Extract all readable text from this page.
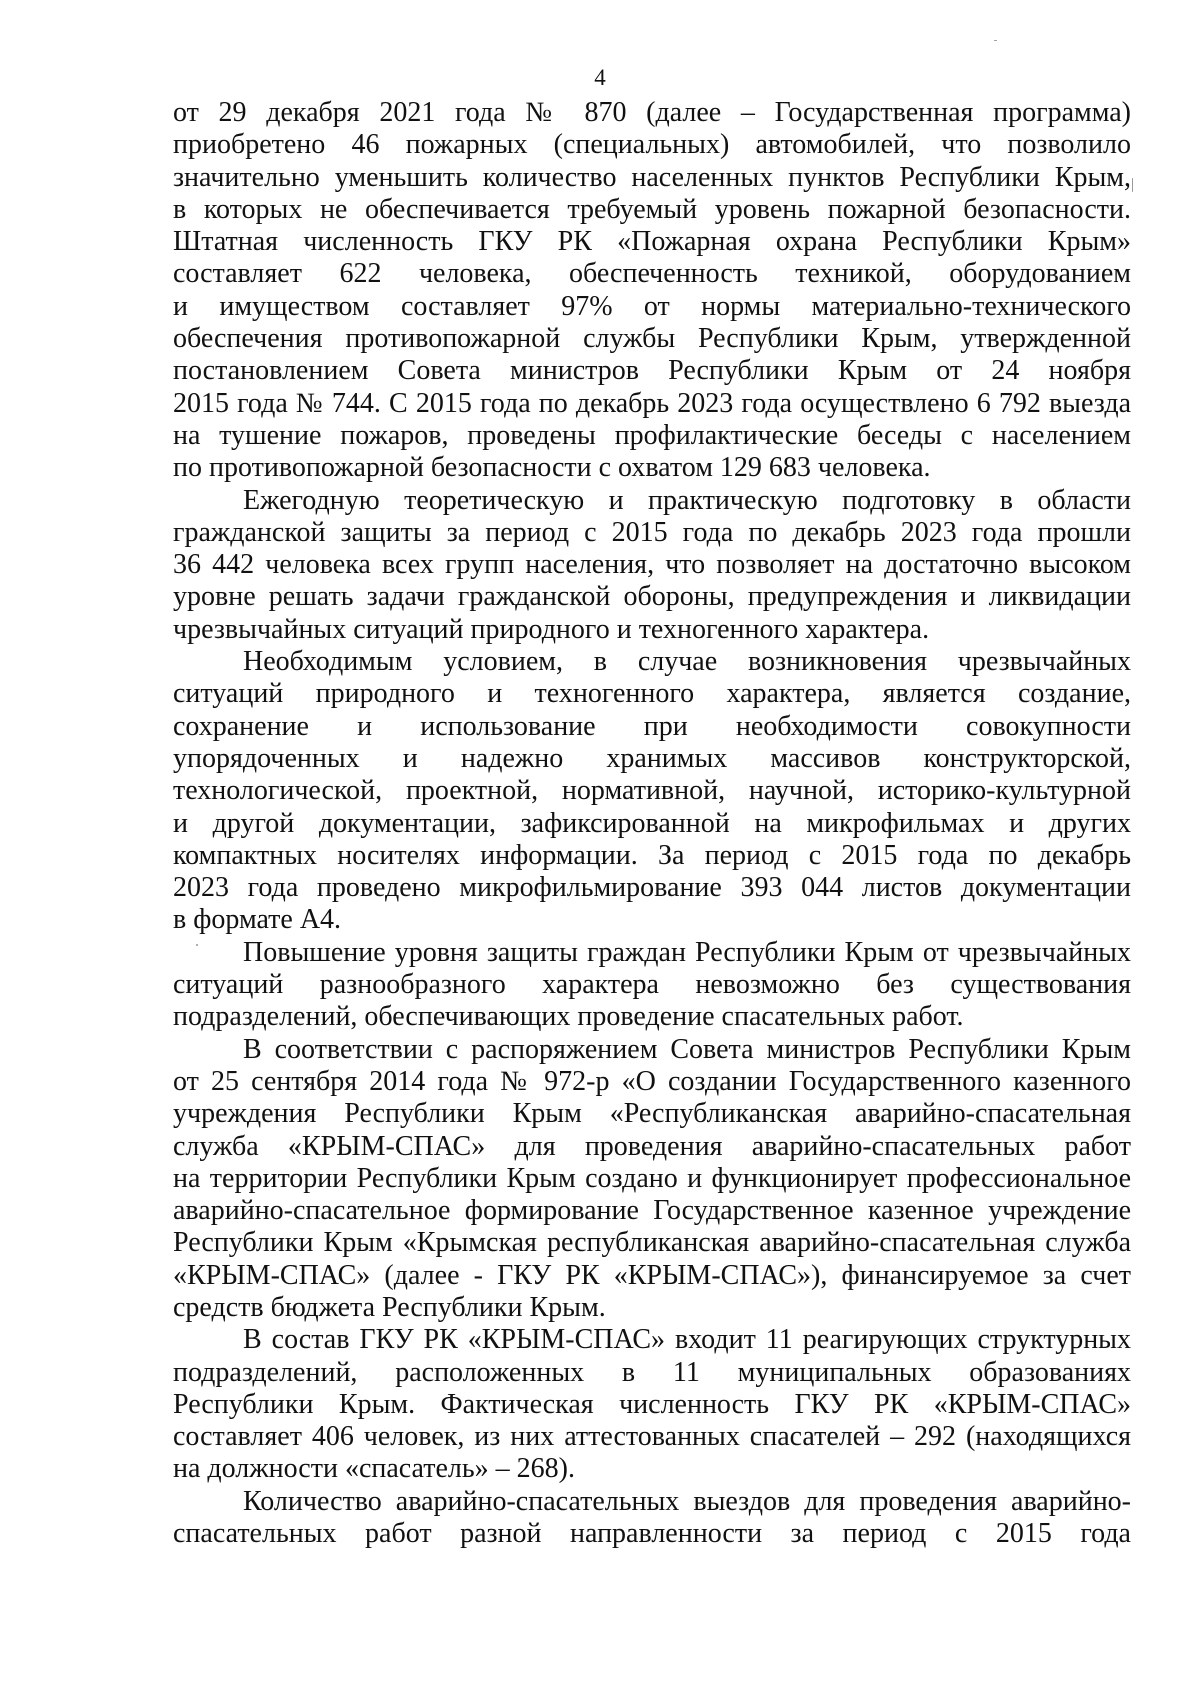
4

от 29 декабря 2021 года № 870 (далее – Государственная программа)
приобретено 46 пожарных (специальных) автомобилей, что позволило
значительно уменьшить количество населенных пунктов Республики Крым,
в которых не обеспечивается требуемый уровень пожарной безопасности.
Штатная численность ГКУ РК «Пожарная охрана Республики Крым»
составляет 622 человека, обеспеченность техникой, оборудованием
и имуществом составляет 97% от нормы материально-технического
обеспечения противопожарной службы Республики Крым, утвержденной
постановлением Совета министров Республики Крым от 24 ноября
2015 года № 744. С 2015 года по декабрь 2023 года осуществлено 6 792 выезда
на тушение пожаров, проведены профилактические беседы с населением
по противопожарной безопасности с охватом 129 683 человека.

Ежегодную теоретическую и практическую подготовку в области
гражданской защиты за период с 2015 года по декабрь 2023 года прошли
36 442 человека всех групп населения, что позволяет на достаточно высоком
уровне решать задачи гражданской обороны, предупреждения и ликвидации
чрезвычайных ситуаций природного и техногенного характера.

Необходимым условием, в случае возникновения чрезвычайных
ситуаций природного и техногенного характера, является создание,
сохранение и использование при необходимости совокупности
упорядоченных и надежно хранимых массивов конструкторской,
технологической, проектной, нормативной, научной, историко-культурной
и другой документации, зафиксированной на микрофильмах и других
компактных носителях информации. За период с 2015 года по декабрь
2023 года проведено микрофильмирование 393 044 листов документации
в формате А4.

Повышение уровня защиты граждан Республики Крым от чрезвычайных
ситуаций разнообразного характера невозможно без существования
подразделений, обеспечивающих проведение спасательных работ.

В соответствии с распоряжением Совета министров Республики Крым
от 25 сентября 2014 года № 972-р «О создании Государственного казенного
учреждения Республики Крым «Республиканская аварийно-спасательная
служба «КРЫМ-СПАС» для проведения аварийно-спасательных работ
на территории Республики Крым создано и функционирует профессиональное
аварийно-спасательное формирование Государственное казенное учреждение
Республики Крым «Крымская республиканская аварийно-спасательная служба
«КРЫМ-СПАС» (далее - ГКУ РК «КРЫМ-СПАС»), финансируемое за счет
средств бюджета Республики Крым.

В состав ГКУ РК «КРЫМ-СПАС» входит 11 реагирующих структурных
подразделений, расположенных в 11 муниципальных образованиях
Республики Крым. Фактическая численность ГКУ РК «КРЫМ-СПАС»
составляет 406 человек, из них аттестованных спасателей – 292 (находящихся
на должности «спасатель» – 268).

Количество аварийно-спасательных выездов для проведения аварийно-
спасательных работ разной направленности за период с 2015 года
